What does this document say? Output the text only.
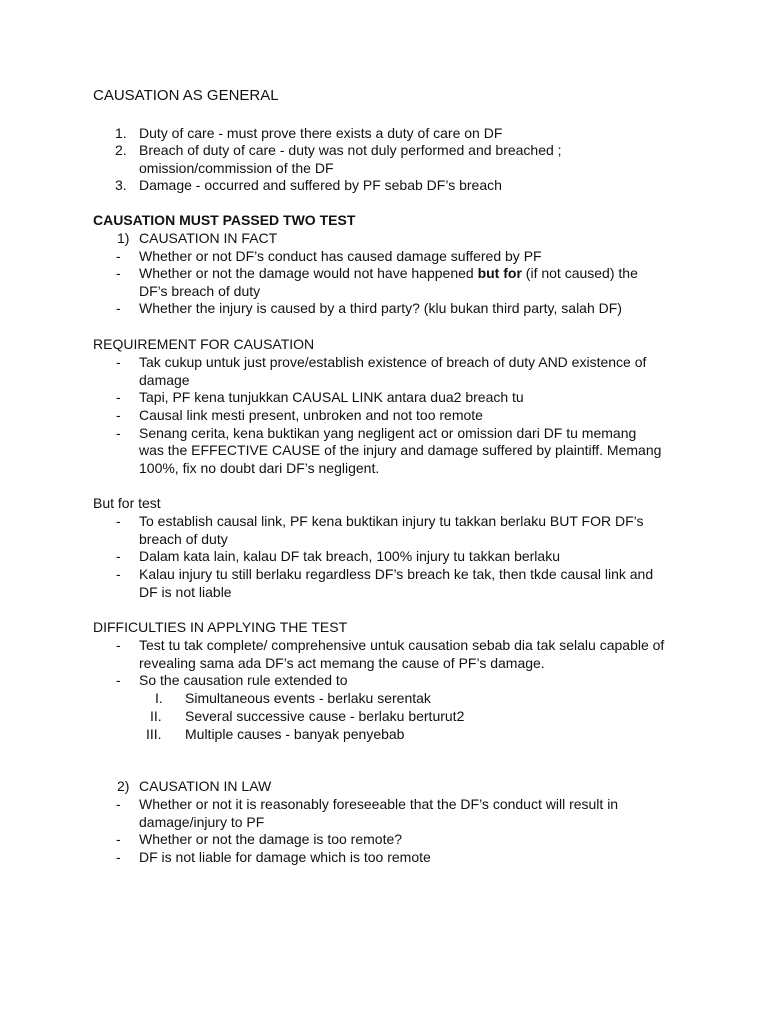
CAUSATION AS GENERAL
1. Duty of care - must prove there exists a duty of care on DF
2. Breach of duty of care - duty was not duly performed and breached ;
omission/commission of the DF
3. Damage - occurred and suffered by PF sebab DF’s breach
CAUSATION MUST PASSED TWO TEST
1) CAUSATION IN FACT
- Whether or not DF’s conduct has caused damage suffered by PF
- Whether or not the damage would not have happened but for (if not caused) the
DF’s breach of duty
- Whether the injury is caused by a third party? (klu bukan third party, salah DF)
REQUIREMENT FOR CAUSATION
- Tak cukup untuk just prove/establish existence of breach of duty AND existence of
damage
- Tapi, PF kena tunjukkan CAUSAL LINK antara dua2 breach tu
- Causal link mesti present, unbroken and not too remote
- Senang cerita, kena buktikan yang negligent act or omission dari DF tu memang
was the EFFECTIVE CAUSE of the injury and damage suffered by plaintiff. Memang
100%, fix no doubt dari DF’s negligent.
But for test
- To establish causal link, PF kena buktikan injury tu takkan berlaku BUT FOR DF’s
breach of duty
- Dalam kata lain, kalau DF tak breach, 100% injury tu takkan berlaku
- Kalau injury tu still berlaku regardless DF’s breach ke tak, then tkde causal link and
DF is not liable
DIFFICULTIES IN APPLYING THE TEST
- Test tu tak complete/ comprehensive untuk causation sebab dia tak selalu capable of
revealing sama ada DF’s act memang the cause of PF’s damage.
- So the causation rule extended to
I. Simultaneous events - berlaku serentak
II. Several successive cause - berlaku berturut2
III. Multiple causes - banyak penyebab
2) CAUSATION IN LAW
- Whether or not it is reasonably foreseeable that the DF’s conduct will result in
damage/injury to PF
- Whether or not the damage is too remote?
- DF is not liable for damage which is too remote
